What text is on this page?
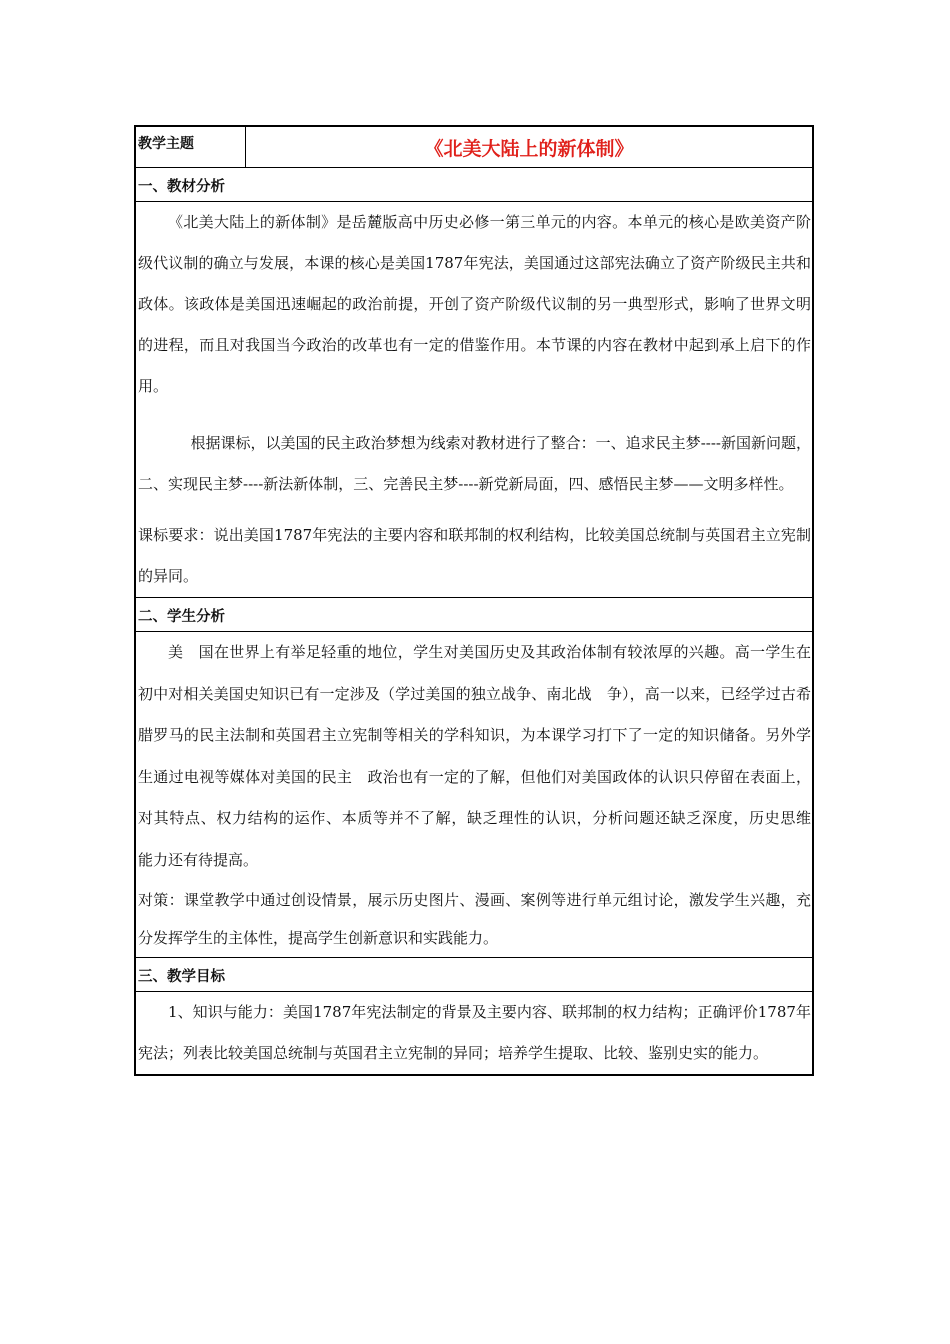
教学主题	《北美大陆上的新体制》
一、教材分析

《北美大陆上的新体制》是岳麓版高中历史必修一第三单元的内容。本单元的核心是欧美资产阶级代议制的确立与发展，本课的核心是美国1787年宪法，美国通过这部宪法确立了资产阶级民主共和政体。该政体是美国迅速崛起的政治前提，开创了资产阶级代议制的另一典型形式，影响了世界文明的进程，而且对我国当今政治的改革也有一定的借鉴作用。本节课的内容在教材中起到承上启下的作用。

根据课标，以美国的民主政治梦想为线索对教材进行了整合：一、追求民主梦----新国新问题，二、实现民主梦----新法新体制，三、完善民主梦----新党新局面，四、感悟民主梦——文明多样性。

课标要求：说出美国1787年宪法的主要内容和联邦制的权利结构，比较美国总统制与英国君主立宪制的异同。

二、学生分析

美　国在世界上有举足轻重的地位，学生对美国历史及其政治体制有较浓厚的兴趣。高一学生在初中对相关美国史知识已有一定涉及（学过美国的独立战争、南北战　争），高一以来，已经学过古希腊罗马的民主法制和英国君主立宪制等相关的学科知识，为本课学习打下了一定的知识储备。另外学生通过电视等媒体对美国的民主　政治也有一定的了解，但他们对美国政体的认识只停留在表面上，对其特点、权力结构的运作、本质等并不了解，缺乏理性的认识，分析问题还缺乏深度，历史思维　能力还有待提高。

对策：课堂教学中通过创设情景，展示历史图片、漫画、案例等进行单元组讨论，激发学生兴趣，充分发挥学生的主体性，提高学生创新意识和实践能力。

三、教学目标

1、知识与能力：美国1787年宪法制定的背景及主要内容、联邦制的权力结构；正确评价1787年宪法；列表比较美国总统制与英国君主立宪制的异同；培养学生提取、比较、鉴别史实的能力。
